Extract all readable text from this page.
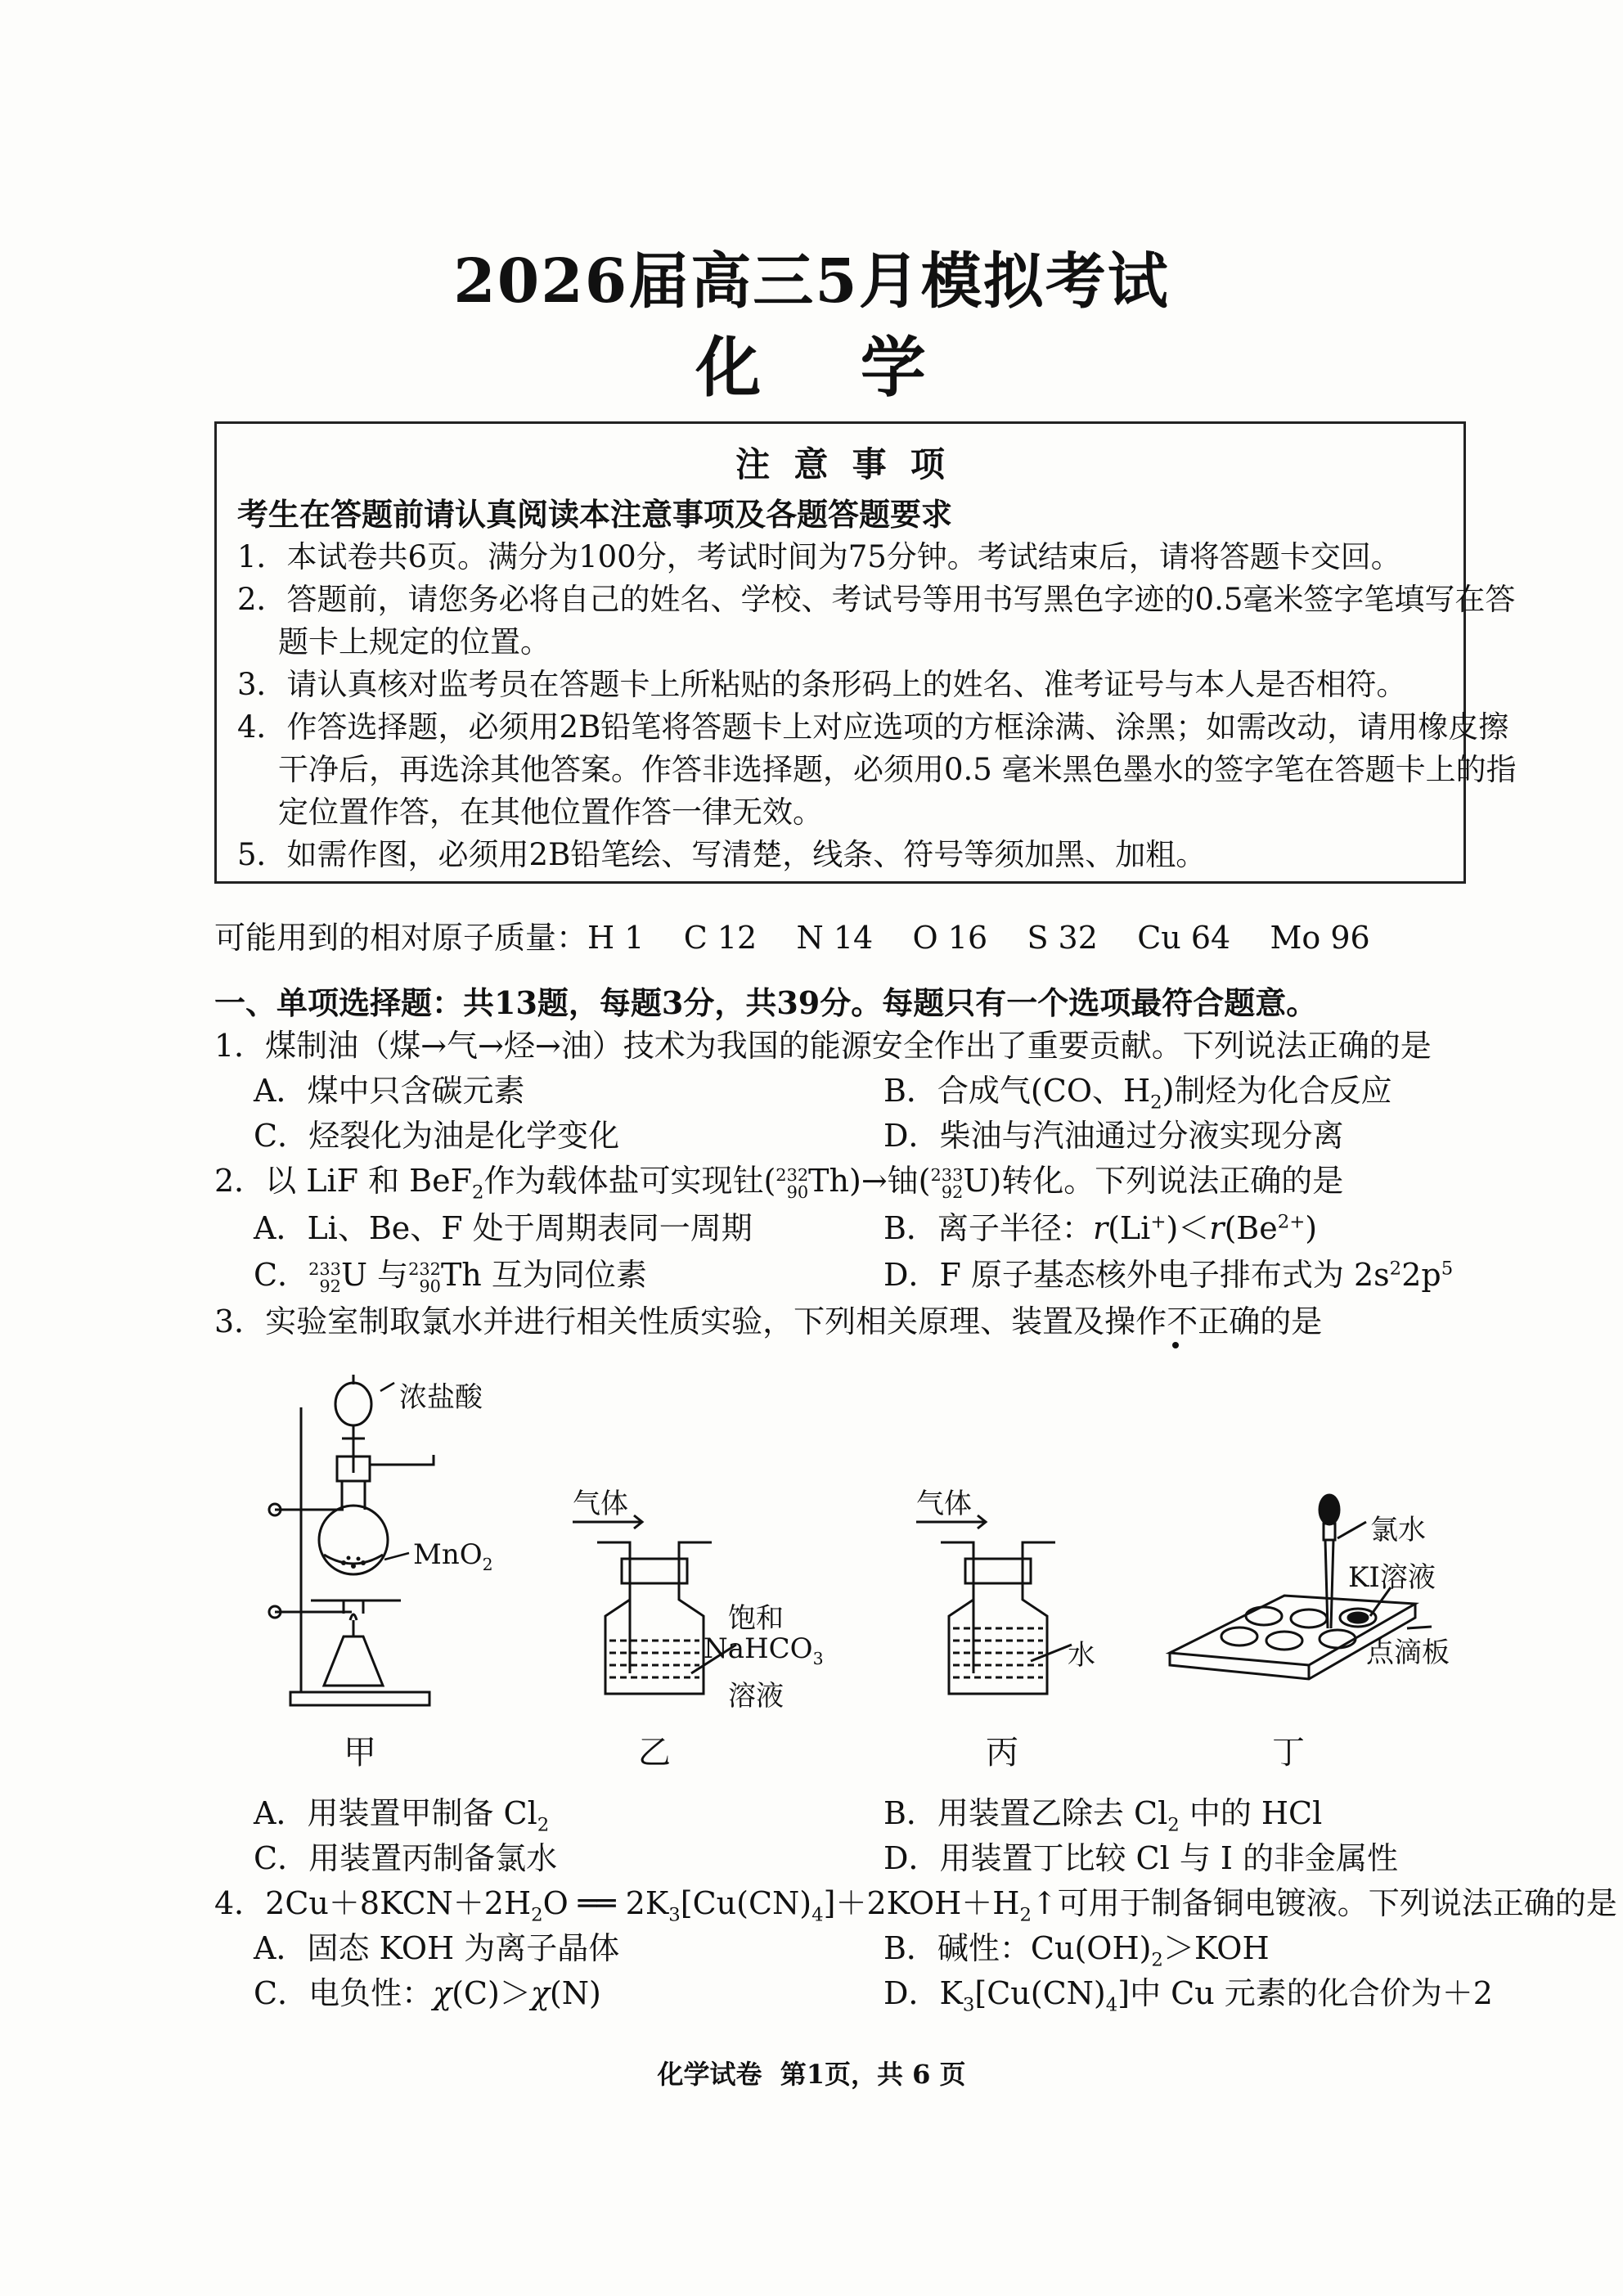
2026届高三5月模拟考试
化    学
注  意  事  项
考生在答题前请认真阅读本注意事项及各题答题要求
1．本试卷共6页。满分为100分，考试时间为75分钟。考试结束后，请将答题卡交回。
2．答题前，请您务必将自己的姓名、学校、考试号等用书写黑色字迹的0.5毫米签字笔填写在答
题卡上规定的位置。
3．请认真核对监考员在答题卡上所粘贴的条形码上的姓名、准考证号与本人是否相符。
4．作答选择题，必须用2B铅笔将答题卡上对应选项的方框涂满、涂黑；如需改动，请用橡皮擦
干净后，再选涂其他答案。作答非选择题，必须用0.5 毫米黑色墨水的签字笔在答题卡上的指
定位置作答，在其他位置作答一律无效。
5．如需作图，必须用2B铅笔绘、写清楚，线条、符号等须加黑、加粗。
可能用到的相对原子质量：H 1    C 12    N 14    O 16    S 32    Cu 64    Mo 96
一、单项选择题：共13题，每题3分，共39分。每题只有一个选项最符合题意。
1．煤制油（煤→气→烃→油）技术为我国的能源安全作出了重要贡献。下列说法正确的是
A．煤中只含碳元素	B．合成气(CO、$H_2$)制烃为化合反应
C．烃裂化为油是化学变化	D．柴油与汽油通过分液实现分离
2．以 LiF 和 BeF$_2$作为载体盐可实现钍(232
90Th)→铀(233
92U)转化。下列说法正确的是
A．Li、Be、F 处于周期表同一周期	B．离子半径：$r(Li^+)<r(Be^{2+})$
C．233
92U 与232
90Th 互为同位素	D．F 原子基态核外电子排布式为 $2s^22p^5$
3．实验室制取氯水并进行相关性质实验，下列相关原理、装置及操作不正确的是
浓盐酸
MnO$_2$
气体
饱和
NaHCO$_3$
溶液
气体
水
氯水
KI溶液
点滴板
甲	乙	丙	丁
A．用装置甲制备 $Cl_2$	B．用装置乙除去 $Cl_2$ 中的 HCl
C．用装置丙制备氯水	D．用装置丁比较 Cl 与 I 的非金属性
4．$2Cu+8KCN+2H_2O$ ══ $2K_3[Cu(CN)_4]+2KOH+H_2↑$可用于制备铜电镀液。下列说法正确的是
A．固态 KOH 为离子晶体	B．碱性：$Cu(OH)_2>KOH$
C．电负性：χ(C)＞χ(N)	D．$K_3[Cu(CN)_4]$中 Cu 元素的化合价为＋2
化学试卷  第1页，共 6 页
